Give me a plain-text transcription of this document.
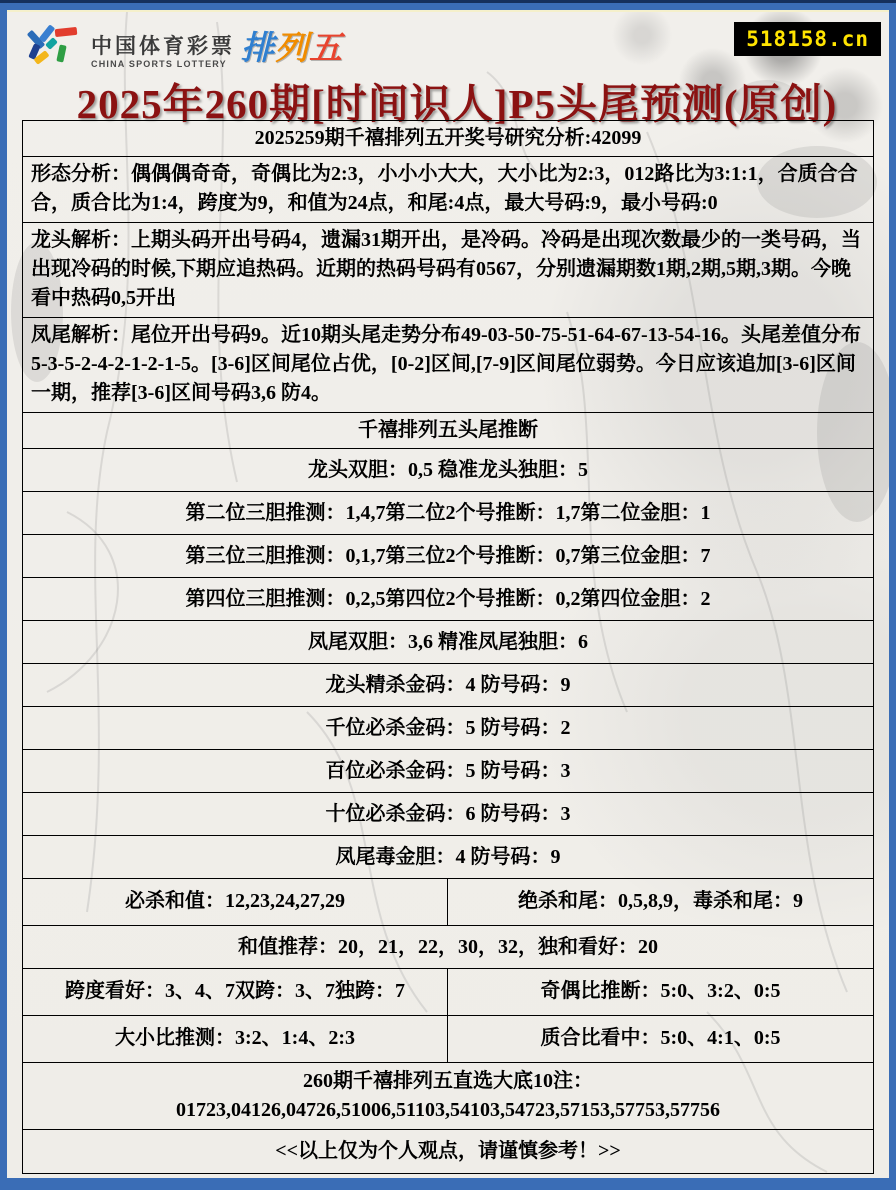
中国体育彩票
CHINA SPORTS LOTTERY 排列五	518158.cn
2025年260期[时间识人]P5头尾预测(原创)
2025259期千禧排列五开奖号研究分析:42099
形态分析：偶偶偶奇奇，奇偶比为2:3，小小小大大，大小比为2:3，012路比为3:1:1，合质合合合，质合比为1:4，跨度为9，和值为24点，和尾:4点，最大号码:9，最小号码:0
龙头解析：上期头码开出号码4，遗漏31期开出，是冷码。冷码是出现次数最少的一类号码，当出现冷码的时候,下期应追热码。近期的热码号码有0567，分别遗漏期数1期,2期,5期,3期。今晚看中热码0,5开出
凤尾解析：尾位开出号码9。近10期头尾走势分布49-03-50-75-51-64-67-13-54-16。头尾差值分布5-3-5-2-4-2-1-2-1-5。[3-6]区间尾位占优，[0-2]区间,[7-9]区间尾位弱势。今日应该追加[3-6]区间一期，推荐[3-6]区间号码3,6 防4。
千禧排列五头尾推断
龙头双胆：0,5 稳准龙头独胆：5
第二位三胆推测：1,4,7第二位2个号推断：1,7第二位金胆：1
第三位三胆推测：0,1,7第三位2个号推断：0,7第三位金胆：7
第四位三胆推测：0,2,5第四位2个号推断：0,2第四位金胆：2
凤尾双胆：3,6 精准凤尾独胆：6
龙头精杀金码：4 防号码：9
千位必杀金码：5 防号码：2
百位必杀金码：5 防号码：3
十位必杀金码：6 防号码：3
凤尾毒金胆：4 防号码：9
必杀和值：12,23,24,27,29	绝杀和尾：0,5,8,9，毒杀和尾：9
和值推荐：20，21，22，30，32，独和看好：20
跨度看好：3、4、7双跨：3、7独跨：7	奇偶比推断：5:0、3:2、0:5
大小比推测：3:2、1:4、2:3	质合比看中：5:0、4:1、0:5
260期千禧排列五直选大底10注：
01723,04126,04726,51006,51103,54103,54723,57153,57753,57756
<<以上仅为个人观点，请谨慎参考！>>
